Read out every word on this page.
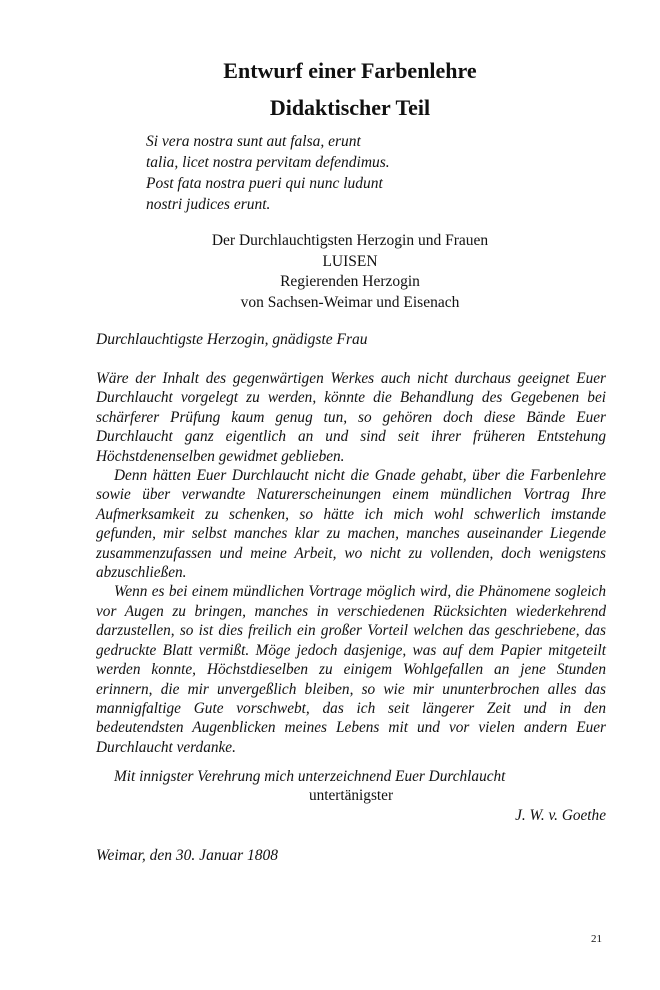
Entwurf einer Farbenlehre
Didaktischer Teil
Si vera nostra sunt aut falsa, erunt
talia, licet nostra pervitam defendimus.
Post fata nostra pueri qui nunc ludunt
nostri judices erunt.
Der Durchlauchtigsten Herzogin und Frauen
LUISEN
Regierenden Herzogin
von Sachsen-Weimar und Eisenach
Durchlauchtigste Herzogin, gnädigste Frau

Wäre der Inhalt des gegenwärtigen Werkes auch nicht durchaus geeignet Euer Durchlaucht vorgelegt zu werden, könnte die Behandlung des Gegebenen bei schärferer Prüfung kaum genug tun, so gehören doch diese Bände Euer Durchlaucht ganz eigentlich an und sind seit ihrer früheren Entstehung Höchstdenenselben gewidmet geblieben.

Denn hätten Euer Durchlaucht nicht die Gnade gehabt, über die Farbenlehre sowie über verwandte Naturerscheinungen einem mündlichen Vortrag Ihre Aufmerksamkeit zu schenken, so hätte ich mich wohl schwerlich imstande gefunden, mir selbst manches klar zu machen, manches auseinander Liegende zusammenzufassen und meine Arbeit, wo nicht zu vollenden, doch wenigstens abzuschließen.

Wenn es bei einem mündlichen Vortrage möglich wird, die Phänomene sogleich vor Augen zu bringen, manches in verschiedenen Rücksichten wiederkehrend darzustellen, so ist dies freilich ein großer Vorteil welchen das geschriebene, das gedruckte Blatt vermißt. Möge jedoch dasjenige, was auf dem Papier mitgeteilt werden konnte, Höchstdieselben zu einigem Wohlgefallen an jene Stunden erinnern, die mir unvergeßlich bleiben, so wie mir ununterbrochen alles das mannigfaltige Gute vorschwebt, das ich seit längerer Zeit und in den bedeutendsten Augenblicken meines Lebens mit und vor vielen andern Euer Durchlaucht verdanke.

Mit innigster Verehrung mich unterzeichnend Euer Durchlaucht
untertänigster
J. W. v. Goethe
Weimar, den 30. Januar 1808
21
